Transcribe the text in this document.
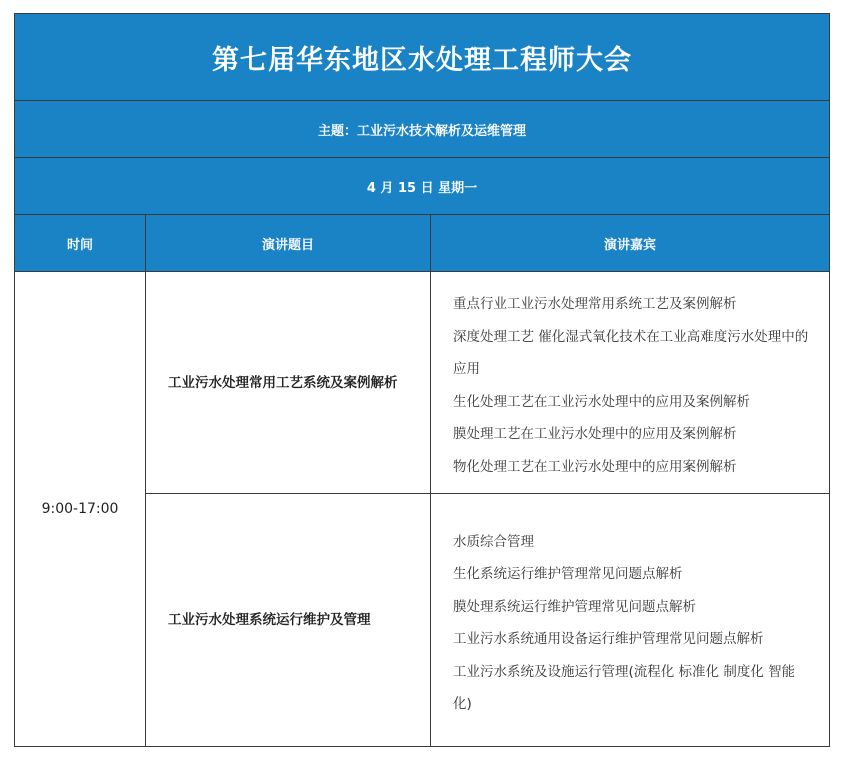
第七届华东地区水处理工程师大会		
主题：工业污水技术解析及运维管理		
4 月 15 日 星期一		
时间	演讲题目	演讲嘉宾
9:00-17:00	工业污水处理常用工艺系统及案例解析	重点行业工业污水处理常用系统工艺及案例解析
深度处理工艺 催化湿式氧化技术在工业高难度污水处理中的应用
生化处理工艺在工业污水处理中的应用及案例解析
膜处理工艺在工业污水处理中的应用及案例解析
物化处理工艺在工业污水处理中的应用案例解析

	工业污水处理系统运行维护及管理	水质综合管理
生化系统运行维护管理常见问题点解析
膜处理系统运行维护管理常见问题点解析
工业污水系统通用设备运行维护管理常见问题点解析
工业污水系统及设施运行管理(流程化 标准化 制度化 智能化)
